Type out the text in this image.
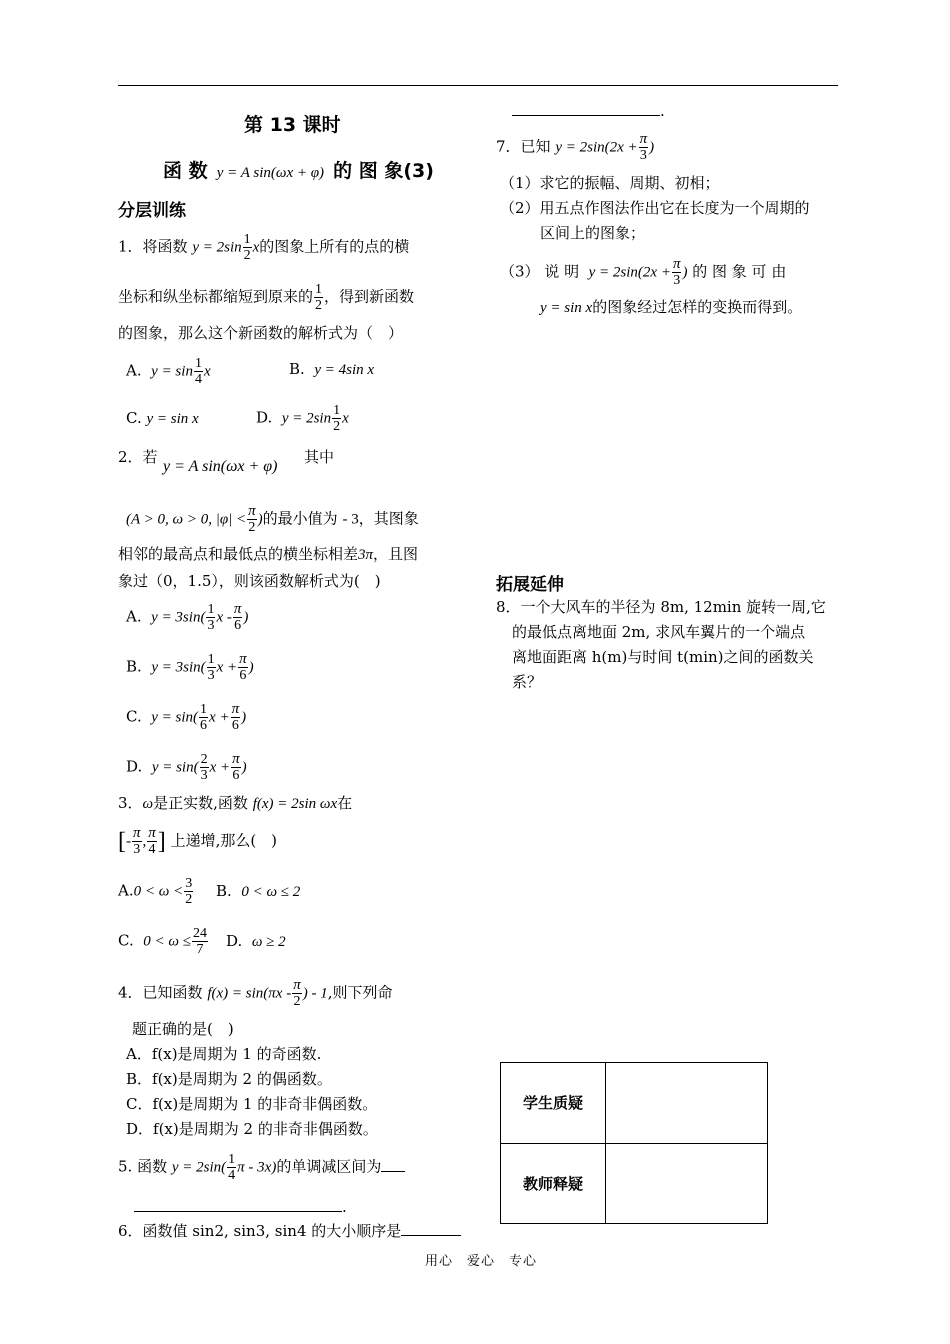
第 13 课时
函 数 y = A sin(ωx + φ) 的 图 象(3)
分层训练
1．将函数 $y = 2\sin \frac{1}{2}$ x的图象上所有的点的横
坐标和纵坐标都缩短到原来的 $\frac{1}{2}$ ，得到新函数
的图象，那么这个新函数的解析式为（　）
A. $y = \sin \frac{1}{4}$ x	B. y = 4sin x
C. y = sin x	D. $y = 2\sin \frac{1}{2}$ x
2．若
y = A sin(ωx + φ)
其中
(A > 0, ω > 0, $|\varphi| < \frac{\pi}{2}$ )的最小值为 - 3，其图象
相邻的最高点和最低点的横坐标相差3π，且图
象过（0，1.5），则该函数解析式为(　)
A. $y = 3\sin( \frac{1}{3}$ x - $\frac{\pi}{6}$ )
B. $y = 3\sin( \frac{1}{3}$ $x + \frac{\pi}{6}$ )
C. $y = \sin( \frac{1}{6}$ $x + \frac{\pi}{6}$ )
D. $y = \sin( \frac{2}{3}$ $x + \frac{\pi}{6}$ )
3．ω是正实数,函数 f(x) = 2sin ωx在
[- $\frac{\pi}{3}$ , $\frac{\pi}{4}$ ] 上递增,那么(　)
$A.0 < \omega < \frac{3}{2} B$. 0 < ω ≤ 2
C. $0 < \omega \le \frac{24}{7} D$. ω ≥ 2
4．已知函数 $f(x) = \sin(\pi x - \frac{\pi}{2}$ ) - 1,则下列命
题正确的是(　)
A．f(x)是周期为 1 的奇函数.
B．f(x)是周期为 2 的偶函数。
C．f(x)是周期为 1 的非奇非偶函数。
D．f(x)是周期为 2 的非奇非偶函数。
5. 函数 $y = 2\sin( \frac{1}{4}$ π - 3x)的单调减区间为
.
6．函数值 sin2, sin3, sin4 的大小顺序是
.
7．已知 $y = 2\sin(2x + \frac{\pi}{3}$ )
（1）求它的振幅、周期、初相；
（2）用五点作图法作出它在长度为一个周期的
区间上的图象；
（3） 说 明 $y = 2\sin(2x + \frac{\pi}{3}$ ) 的 图 象 可 由
y = sin x的图象经过怎样的变换而得到。
拓展延伸
8．一个大风车的半径为 8m, 12min 旋转一周,它
的最低点离地面 2m, 求风车翼片的一个端点
离地面距离 h(m)与时间 t(min)之间的函数关
系？
学生质疑	
教师释疑	
用心　爱心　专心
